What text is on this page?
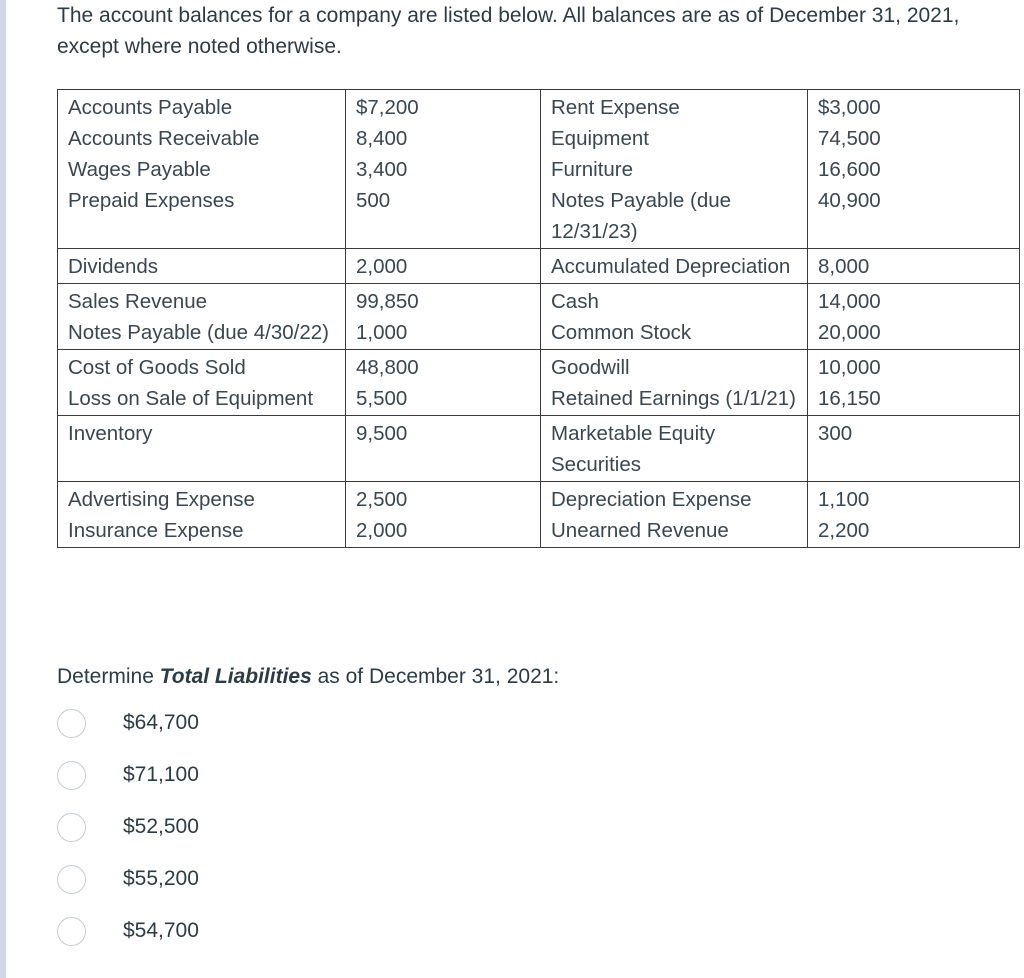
The account balances for a company are listed below. All balances are as of December 31, 2021, except where noted otherwise.
Accounts Payable	$7,200	Rent Expense	$3,000
Accounts Receivable	8,400	Equipment	74,500
Wages Payable	3,400	Furniture	16,600
Prepaid Expenses	500	Notes Payable (due 12/31/23)	40,900
Dividends	2,000	Accumulated Depreciation	8,000
Sales Revenue	99,850	Cash	14,000
Notes Payable (due 4/30/22)	1,000	Common Stock	20,000
Cost of Goods Sold	48,800	Goodwill	10,000
Loss on Sale of Equipment	5,500	Retained Earnings (1/1/21)	16,150
Inventory	9,500	Marketable Equity Securities	300
Advertising Expense	2,500	Depreciation Expense	1,100
Insurance Expense	2,000	Unearned Revenue	2,200
Determine Total Liabilities as of December 31, 2021:
$64,700
$71,100
$52,500
$55,200
$54,700
